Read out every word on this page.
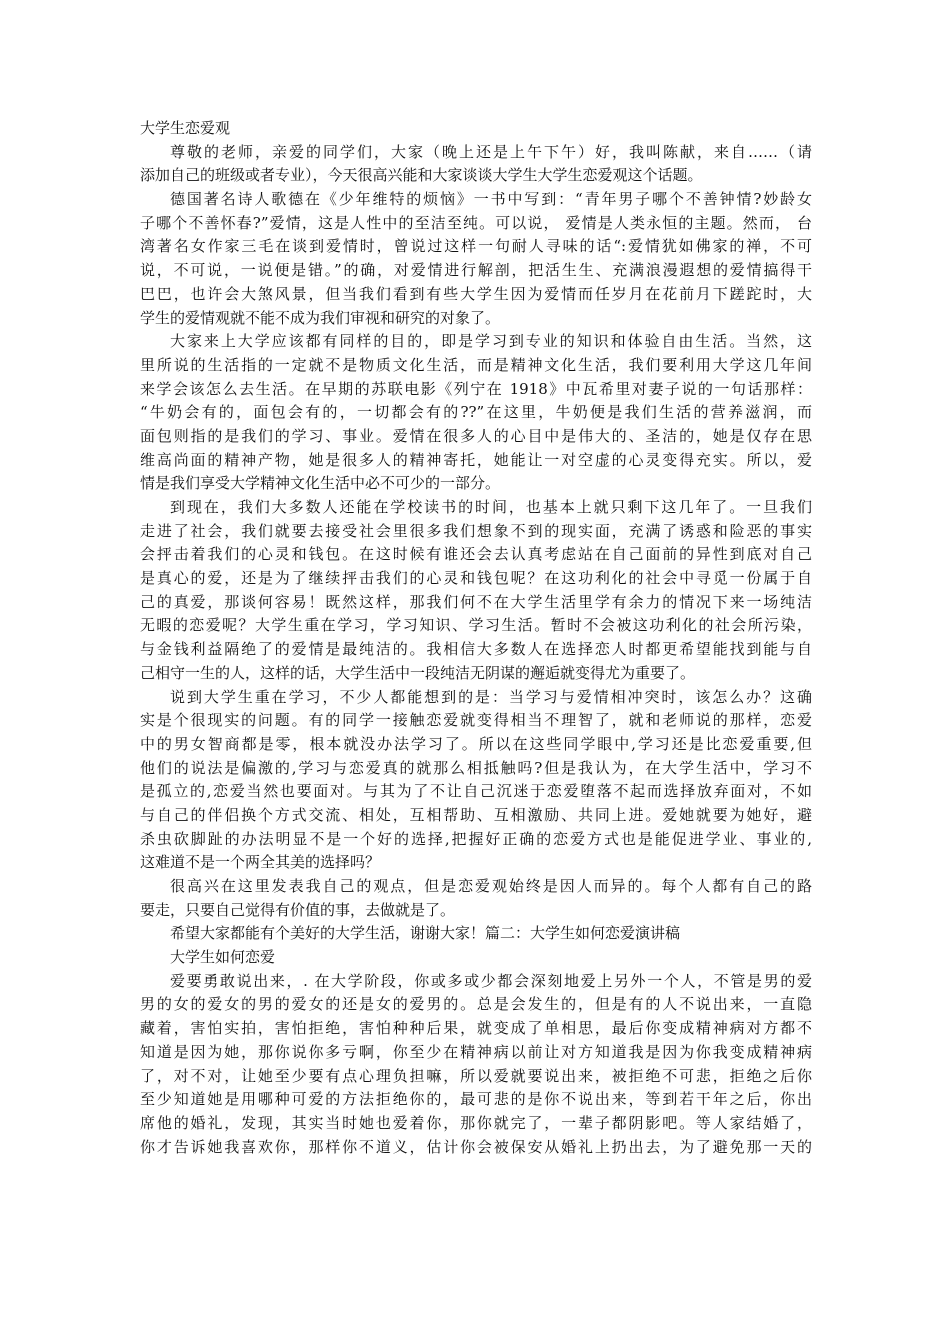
大学生恋爱观
尊敬的老师，亲爱的同学们，大家（晚上还是上午下午）好，我叫陈献，来自……（请
添加自己的班级或者专业），今天很高兴能和大家谈谈大学生大学生恋爱观这个话题。
德国著名诗人歌德在《少年维特的烦恼》一书中写到：“青年男子哪个不善钟情?妙龄女
子哪个不善怀春?”爱情，这是人性中的至洁至纯。可以说， 爱情是人类永恒的主题。然而， 台
湾著名女作家三毛在谈到爱情时，曾说过这样一句耐人寻味的话“:爱情犹如佛家的禅，不可
说，不可说，一说便是错。”的确，对爱情进行解剖，把活生生、充满浪漫遐想的爱情搞得干
巴巴，也许会大煞风景，但当我们看到有些大学生因为爱情而任岁月在花前月下蹉跎时，大
学生的爱情观就不能不成为我们审视和研究的对象了。
大家来上大学应该都有同样的目的，即是学习到专业的知识和体验自由生活。当然，这
里所说的生活指的一定就不是物质文化生活，而是精神文化生活，我们要利用大学这几年间
来学会该怎么去生活。在早期的苏联电影《列宁在 1918》中瓦希里对妻子说的一句话那样：
“牛奶会有的，面包会有的，一切都会有的??”在这里，牛奶便是我们生活的营养滋润，而
面包则指的是我们的学习、事业。爱情在很多人的心目中是伟大的、圣洁的，她是仅存在思
维高尚面的精神产物，她是很多人的精神寄托，她能让一对空虚的心灵变得充实。所以，爱
情是我们享受大学精神文化生活中必不可少的一部分。
到现在，我们大多数人还能在学校读书的时间，也基本上就只剩下这几年了。一旦我们
走进了社会，我们就要去接受社会里很多我们想象不到的现实面，充满了诱惑和险恶的事实
会抨击着我们的心灵和钱包。在这时候有谁还会去认真考虑站在自己面前的异性到底对自己
是真心的爱，还是为了继续抨击我们的心灵和钱包呢？在这功利化的社会中寻觅一份属于自
己的真爱，那谈何容易！既然这样，那我们何不在大学生活里学有余力的情况下来一场纯洁
无暇的恋爱呢？大学生重在学习，学习知识、学习生活。暂时不会被这功利化的社会所污染，
与金钱利益隔绝了的爱情是最纯洁的。我相信大多数人在选择恋人时都更希望能找到能与自
己相守一生的人，这样的话，大学生活中一段纯洁无阴谋的邂逅就变得尤为重要了。
说到大学生重在学习，不少人都能想到的是：当学习与爱情相冲突时，该怎么办？这确
实是个很现实的问题。有的同学一接触恋爱就变得相当不理智了，就和老师说的那样，恋爱
中的男女智商都是零，根本就没办法学习了。所以在这些同学眼中,学习还是比恋爱重要,但
他们的说法是偏激的,学习与恋爱真的就那么相抵触吗?但是我认为，在大学生活中，学习不
是孤立的,恋爱当然也要面对。与其为了不让自己沉迷于恋爱堕落不起而选择放弃面对，不如
与自己的伴侣换个方式交流、相处，互相帮助、互相激励、共同上进。爱她就要为她好，避
杀虫砍脚趾的办法明显不是一个好的选择,把握好正确的恋爱方式也是能促进学业、事业的,
这难道不是一个两全其美的选择吗？
很高兴在这里发表我自己的观点，但是恋爱观始终是因人而异的。每个人都有自己的路
要走，只要自己觉得有价值的事，去做就是了。
希望大家都能有个美好的大学生活，谢谢大家！篇二：大学生如何恋爱演讲稿
大学生如何恋爱
爱要勇敢说出来，. 在大学阶段，你或多或少都会深刻地爱上另外一个人，不管是男的爱
男的女的爱女的男的爱女的还是女的爱男的。总是会发生的，但是有的人不说出来，一直隐
藏着，害怕实拍，害怕拒绝，害怕种种后果，就变成了单相思，最后你变成精神病对方都不
知道是因为她，那你说你多亏啊，你至少在精神病以前让对方知道我是因为你我变成精神病
了，对不对，让她至少要有点心理负担嘛，所以爱就要说出来，被拒绝不可悲，拒绝之后你
至少知道她是用哪种可爱的方法拒绝你的，最可悲的是你不说出来，等到若干年之后，你出
席他的婚礼，发现，其实当时她也爱着你，那你就完了，一辈子都阴影吧。等人家结婚了，
你才告诉她我喜欢你，那样你不道义，估计你会被保安从婚礼上扔出去，为了避免那一天的
